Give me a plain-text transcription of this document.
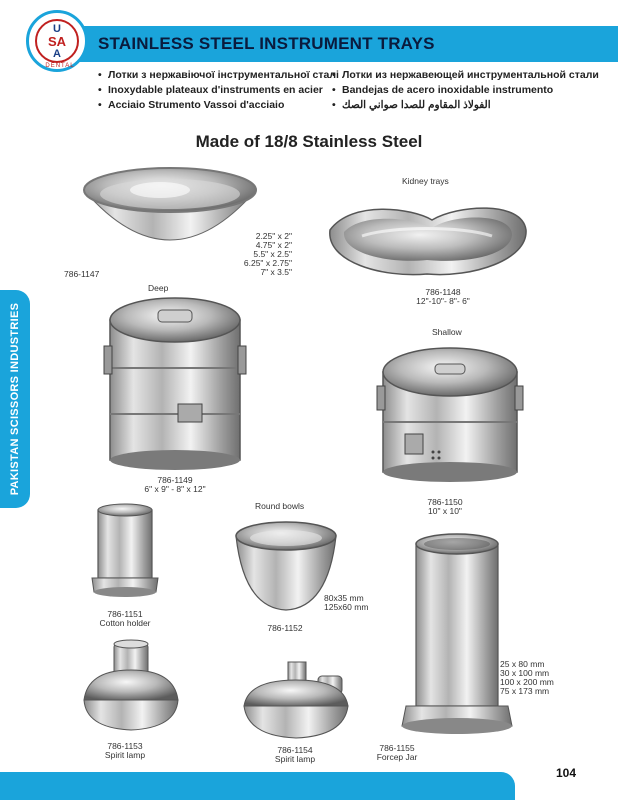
STAINLESS STEEL INSTRUMENT TRAYS
U
SA
A
DENTAL
• Лотки з нержавіючої інструментальної сталі
• Inoxydable plateaux d'instruments en acier
• Acciaio Strumento Vassoi d'acciaio
• Лотки из нержавеющей инструментальной стали
• Bandejas de acero inoxidable instrumento
• الفولاذ المقاوم للصدا صواني الصك
Made of 18/8 Stainless Steel
PAKISTAN SCISSORS INDUSTRIES
786-1147
2.25" x 2"
4.75" x 2"
5.5" x 2.5"
6.25" x 2.75"
7" x 3.5"
Kidney trays
786-1148
12"-10"- 8"- 6"
Deep
786-1149
6" x 9" - 8" x 12"
Shallow
786-1150
10" x 10"
786-1151
Cotton holder
Round bowls
80x35 mm
125x60 mm
786-1152
786-1153
Spirit lamp	786-1154
Spirit lamp
25 x 80 mm
30 x 100 mm
100 x 200 mm
75 x 173 mm
786-1155
Forcep Jar
104
